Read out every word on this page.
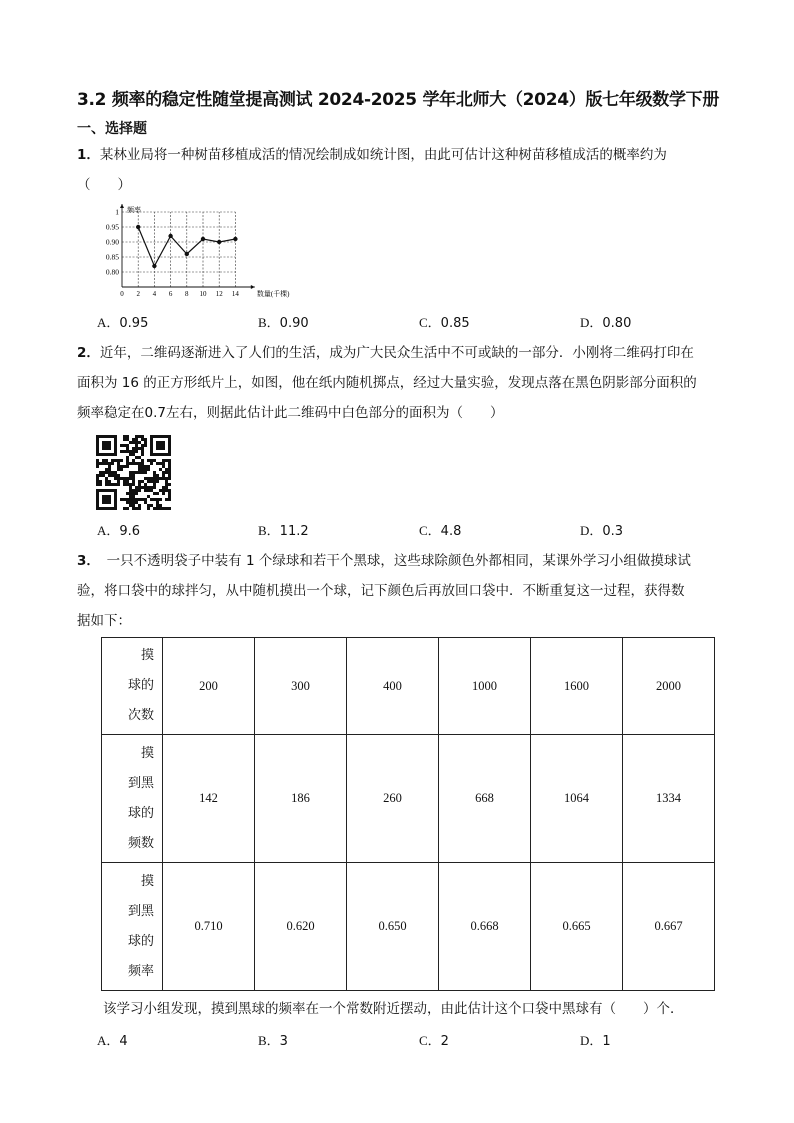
3.2 频率的稳定性随堂提高测试 2024-2025 学年北师大（2024）版七年级数学下册
一、选择题
1．某林业局将一种树苗移植成活的情况绘制成如统计图，由此可估计这种树苗移植成活的概率约为
（　　）
0 2 4 6 8 10 12 14
0.80
0.85
0.90
0.95
1 频率
数量(千棵)
A．0.95	B．0.90	C．0.85	D．0.80
2．近年，二维码逐渐进入了人们的生活，成为广大民众生活中不可或缺的一部分．小刚将二维码打印在
面积为 16 的正方形纸片上，如图，他在纸内随机掷点，经过大量实验，发现点落在黑色阴影部分面积的
频率稳定在0.7左右，则据此估计此二维码中白色部分的面积为（　　）
A．9.6	B．11.2	C．4.8	D．0.3
3．　一只不透明袋子中装有 1 个绿球和若干个黑球，这些球除颜色外都相同，某课外学习小组做摸球试
验，将口袋中的球拌匀，从中随机摸出一个球，记下颜色后再放回口袋中．不断重复这一过程，获得数
据如下：
摸
球的
次数	200	300	400	1000	1600	2000

摸
到黑
球的
频数	142	186	260	668	1064	1334

摸
到黑
球的
频率	0.710	0.620	0.650	0.668	0.665	0.667
该学习小组发现，摸到黑球的频率在一个常数附近摆动，由此估计这个口袋中黑球有（　　）个．
A．4	B．3	C．2	D．1
